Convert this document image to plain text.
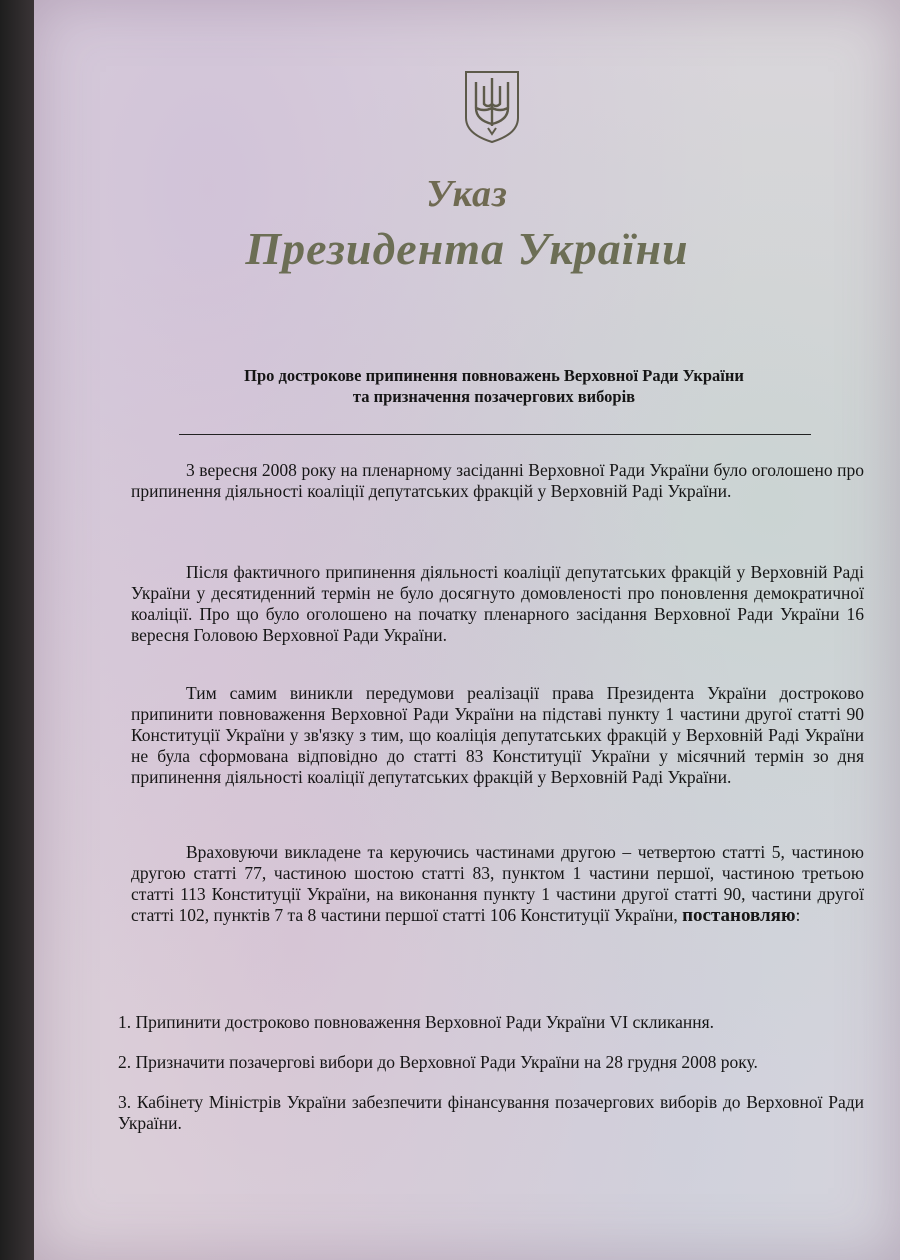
Указ
Президента України
Про дострокове припинення повноважень Верховної Ради України
та призначення позачергових виборів
3 вересня 2008 року на пленарному засіданні Верховної Ради України було оголошено про припинення діяльності коаліції депутатських фракцій у Верховній Раді України.
Після фактичного припинення діяльності коаліції депутатських фракцій у Верховній Раді України у десятиденний термін не було досягнуто домовленості про поновлення демократичної коаліції. Про що було оголошено на початку пленарного засідання Верховної Ради України 16 вересня Головою Верховної Ради України.
Тим самим виникли передумови реалізації права Президента України достроково припинити повноваження Верховної Ради України на підставі пункту 1 частини другої статті 90 Конституції України у зв'язку з тим, що коаліція депутатських фракцій у Верховній Раді України не була сформована відповідно до статті 83 Конституції України у місячний термін зо дня припинення діяльності коаліції депутатських фракцій у Верховній Раді України.
Враховуючи викладене та керуючись частинами другою – четвертою статті 5, частиною другою статті 77, частиною шостою статті 83, пунктом 1 частини першої, частиною третьою статті 113 Конституції України, на виконання пункту 1 частини другої статті 90, частини другої статті 102, пунктів 7 та 8 частини першої статті 106 Конституції України, постановляю:
1. Припинити достроково повноваження Верховної Ради України VI скликання.
2. Призначити позачергові вибори до Верховної Ради України на 28 грудня 2008 року.
3. Кабінету Міністрів України забезпечити фінансування позачергових виборів до Верховної Ради України.
